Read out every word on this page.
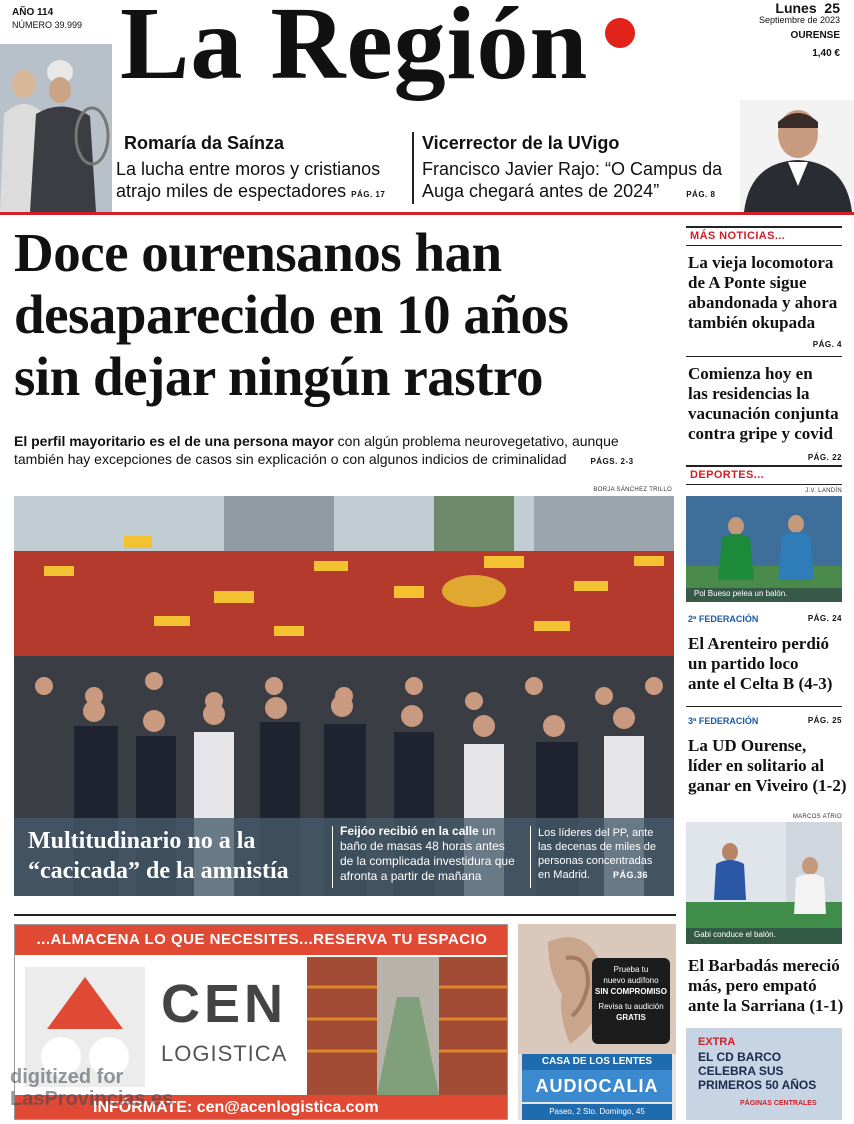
AÑO 114
NÚMERO 39.999 La Región	Lunes 25
Septiembre de 2023
OURENSE
1,40 €
Romaría da Saínza
La lucha entre moros y cristianos
atrajo miles de espectadores PÁG. 17
Vicerrector de la UVigo
Francisco Javier Rajo: “O Campus da
Auga chegará antes de 2024”	PÁG. 8
Doce ourensanos han
desaparecido en 10 años
sin dejar ningún rastro
El perfil mayoritario es el de una persona mayor con algún problema neurovegetativo, aunque
también hay excepciones de casos sin explicación o con algunos indicios de criminalidad	PÁGS. 2-3
BORJA SÁNCHEZ TRILLO
Multitudinario no a la
“cacicada” de la amnistía
Feijóo recibió en la calle un baño de masas 48 horas antes de la complicada investidura que afronta a partir de mañana
Los líderes del PP, ante las decenas de miles de personas concentradas en Madrid.	PÁG.36
MÁS NOTICIAS...
La vieja locomotora
de A Ponte sigue
abandonada y ahora
también okupada
PÁG. 4
Comienza hoy en
las residencias la
vacunación conjunta
contra gripe y covid
PÁG. 22
DEPORTES...
J.V. LANDÍN
Pol Bueso pelea un balón.
2ª FEDERACIÓN	PÁG. 24
El Arenteiro perdió
un partido loco
ante el Celta B (4-3)
3ª FEDERACIÓN	PÁG. 25
La UD Ourense,
líder en solitario al
ganar en Viveiro (1-2)
MARCOS ATRIO
Gabi conduce el balón.
El Barbadás mereció
más, pero empató
ante la Sarriana (1-1)
EXTRA
EL CD BARCO
CELEBRA SUS
PRIMEROS 50 AÑOS
PÁGINAS CENTRALES
...ALMACENA LO QUE NECESITES...RESERVA TU ESPACIO
CEN
LOGISTICA
INFÓRMATE: cen@acenlogistica.com
Prueba tu
nuevo audífono
SIN COMPROMISO
Revisa tu audición
GRATIS
CASA DE LOS LENTES
AUDIOCALIA
Paseo, 2 Sto. Domingo, 45
digitized for
LasProvincias.es
